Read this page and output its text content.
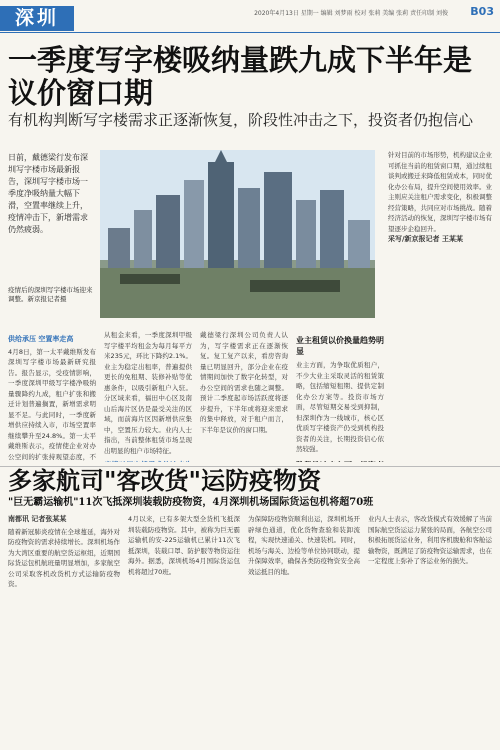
深圳	2020年4月13日 星期一 编辑 刘梦雨 校对 张莉 美编 张莉 责任印制 刘俊 B03
一季度写字楼吸纳量跌九成下半年是议价窗口期
有机构判断写字楼需求正逐渐恢复，阶段性冲击之下，投资者仍抱信心
日前，戴德梁行发布深圳写字楼市场最新报告，深圳写字楼市场一季度净吸纳量大幅下滑，空置率继续上升，疫情冲击下，新增需求仍然疲弱。
疫情后的深圳写字楼市场迎来调整。新京报记者摄
供给承压 空置率走高
4月8日，第一太平戴维斯发布深圳写字楼市场最新研究报告。报告显示，受疫情影响，一季度深圳甲级写字楼净吸纳量骤降约九成，租户扩张和搬迁计划普遍搁置，新增需求明显不足。与此同时，一季度新增供应持续入市，市场空置率继续攀升至24.8%。第一太平戴维斯表示，疫情使企业对办公空间的扩张持观望态度，不
从租金来看，一季度深圳甲级写字楼平均租金为每月每平方米235元，环比下降约2.1%。业主为稳定出租率，普遍提供更长的免租期、装修补贴等优惠条件，以吸引新租户入驻。分区域来看，福田中心区及南山后海片区仍是最受关注的区域，而前海片区因新增供应集中，空置压力较大。业内人士指出，当前整体租赁市场呈现出明显的租户市场特征。
戴德梁行深圳公司负责人认为，写字楼需求正在逐渐恢复。复工复产以来，看房咨询量已明显回升，部分企业在疫情期间加快了数字化转型，对办公空间的需求也随之调整。预计二季度起市场活跃度将逐步提升，下半年或将迎来需求的集中释放，对于租户而言，下半年是议价的窗口期。
业主租赁以价换量趋势明显
业主方面，为争取优质租户，不少大业主采取灵活的租赁策略，包括缩短租期、提供定制化办公方案等。投资市场方面，尽管短期交易受到抑制，但深圳作为一线城市，核心区优质写字楼资产仍受到机构投资者的关注，长期投资信心依然较强。
针对目前的市场形势，机构建议企业可抓住当前的租赁窗口期，通过续租谈判或搬迁来降低租赁成本，同时优化办公布局，提升空间使用效率。业主则应关注租户需求变化，积极调整经营策略，共同应对市场挑战。随着经济活动的恢复，深圳写字楼市场有望逐步企稳回升。
采写/新京报记者 王某某
多家航司"客改货"运防疫物资
"巨无霸运输机"11次飞抵深圳装载防疫物资，4月深圳机场国际货运包机将超70班
南都讯 记者张某某
随着新冠肺炎疫情在全球蔓延，海外对防疫物资的需求持续增长。深圳机场作为大湾区重要的航空货运枢纽，近期国际货运包机航班量明显增加，多家航空公司采取客机改货机方式运输防疫物资。
4月以来，已有多架大型全货机飞抵深圳装载防疫物资。其中，被称为巨无霸运输机的安-225运输机已累计11次飞抵深圳，装载口罩、防护服等物资运往海外。据悉，深圳机场4月国际货运包机将超过70班。
为保障防疫物资顺利出运，深圳机场开辟绿色通道，优化货物查验和装卸流程，实现快速通关、快速装机。同时，机场与海关、边检等单位协同联动，提升保障效率，确保各类防疫物资安全高效运抵目的地。
业内人士表示，客改货模式有效缓解了当前国际航空货运运力紧张的局面，各航空公司积极拓展货运业务，利用客机腹舱和客舱运输物资，既满足了防疫物资运输需求，也在一定程度上弥补了客运业务的损失。
